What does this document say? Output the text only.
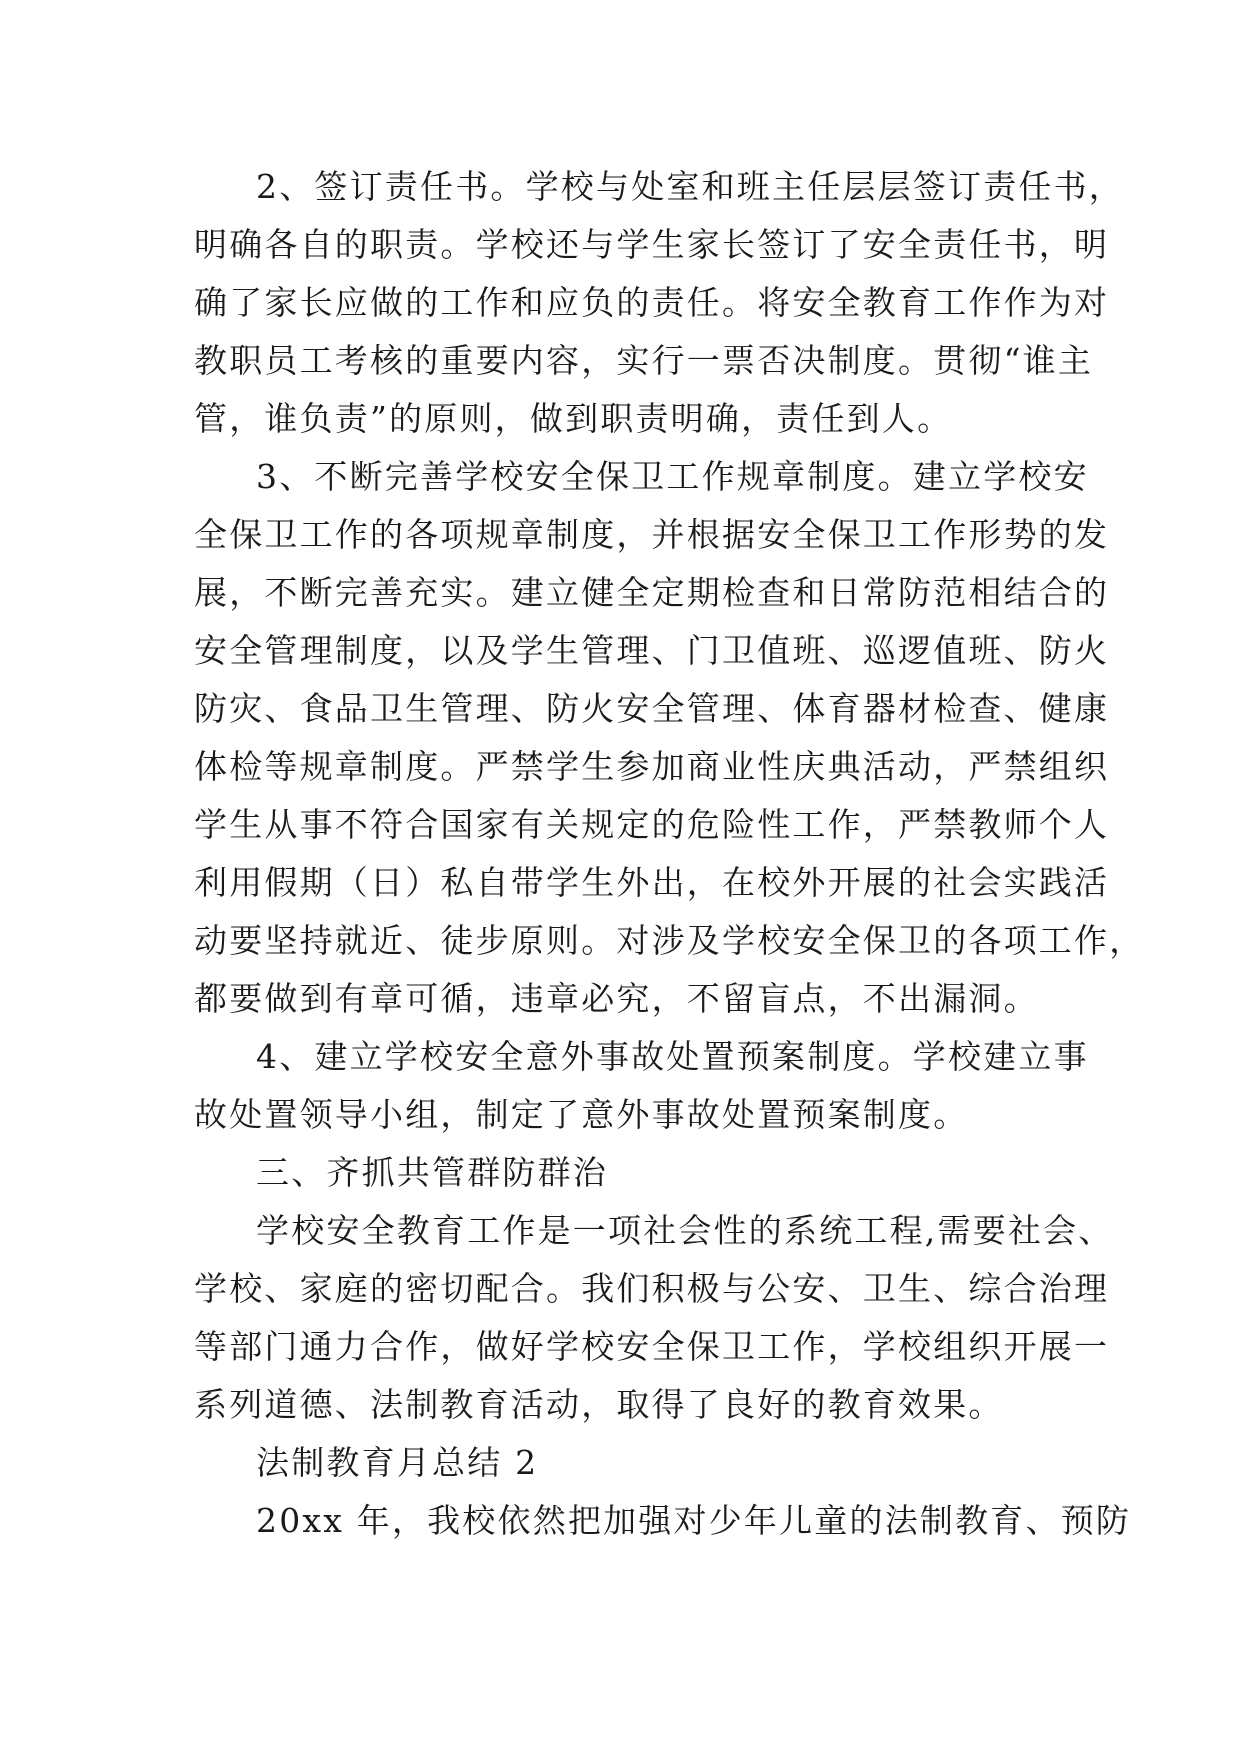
2、签订责任书。学校与处室和班主任层层签订责任书，
明确各自的职责。学校还与学生家长签订了安全责任书，明
确了家长应做的工作和应负的责任。将安全教育工作作为对
教职员工考核的重要内容，实行一票否决制度。贯彻“谁主
管，谁负责”的原则，做到职责明确，责任到人。
3、不断完善学校安全保卫工作规章制度。建立学校安
全保卫工作的各项规章制度，并根据安全保卫工作形势的发
展，不断完善充实。建立健全定期检查和日常防范相结合的
安全管理制度，以及学生管理、门卫值班、巡逻值班、防火
防灾、食品卫生管理、防火安全管理、体育器材检查、健康
体检等规章制度。严禁学生参加商业性庆典活动，严禁组织
学生从事不符合国家有关规定的危险性工作，严禁教师个人
利用假期（日）私自带学生外出，在校外开展的社会实践活
动要坚持就近、徒步原则。对涉及学校安全保卫的各项工作，
都要做到有章可循，违章必究，不留盲点，不出漏洞。
4、建立学校安全意外事故处置预案制度。学校建立事
故处置领导小组，制定了意外事故处置预案制度。
三、齐抓共管群防群治
学校安全教育工作是一项社会性的系统工程,需要社会、
学校、家庭的密切配合。我们积极与公安、卫生、综合治理
等部门通力合作，做好学校安全保卫工作，学校组织开展一
系列道德、法制教育活动，取得了良好的教育效果。
法制教育月总结 2
20xx 年，我校依然把加强对少年儿童的法制教育、预防
